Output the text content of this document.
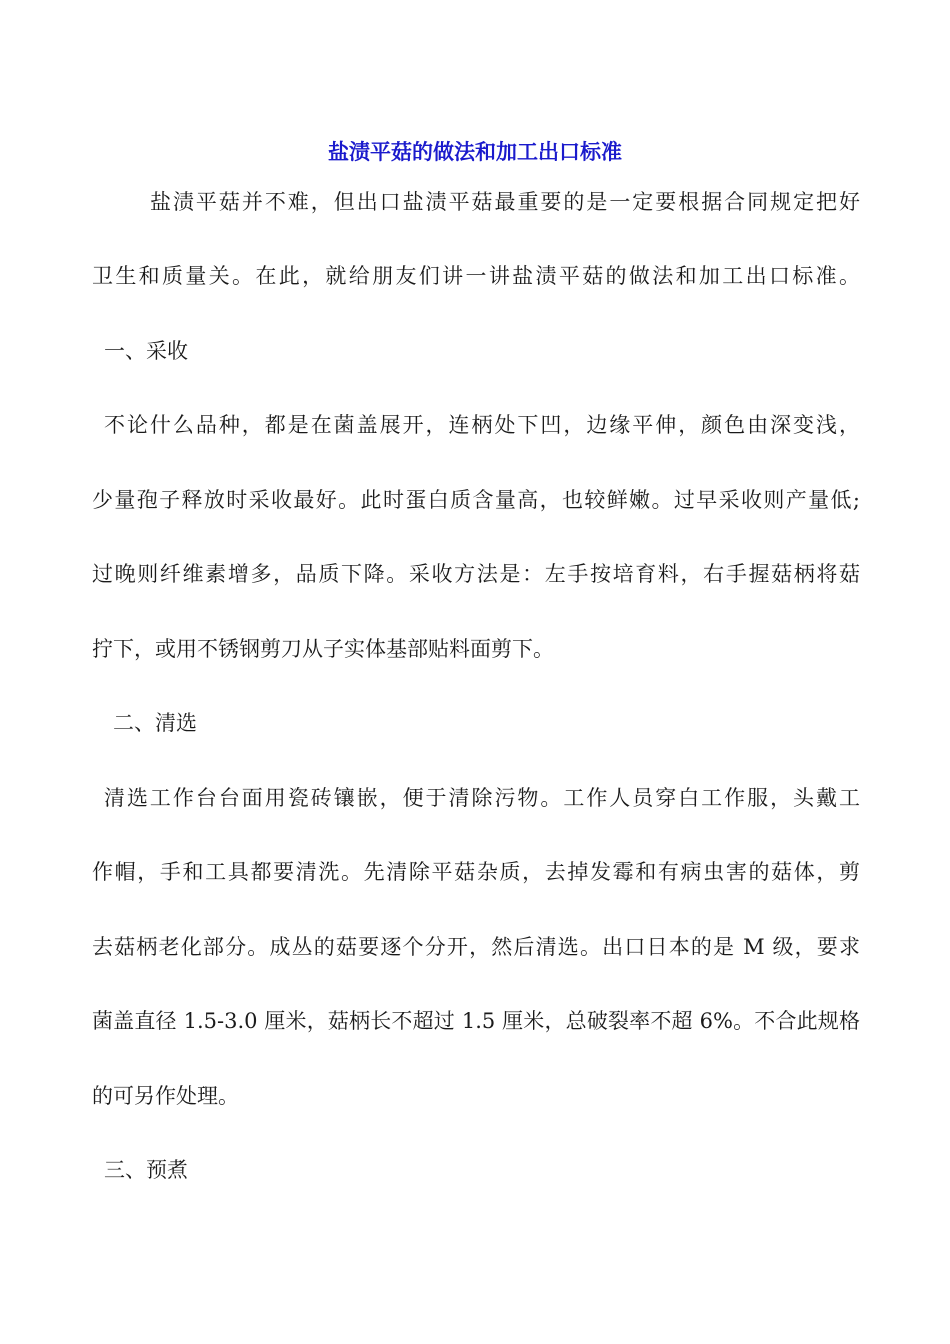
盐渍平菇的做法和加工出口标准
盐渍平菇并不难，但出口盐渍平菇最重要的是一定要根据合同规定把好
卫生和质量关。在此，就给朋友们讲一讲盐渍平菇的做法和加工出口标准。
一、采收
不论什么品种，都是在菌盖展开，连柄处下凹，边缘平伸，颜色由深变浅，
少量孢子释放时采收最好。此时蛋白质含量高，也较鲜嫩。过早采收则产量低;
过晚则纤维素增多，品质下降。采收方法是：左手按培育料，右手握菇柄将菇
拧下，或用不锈钢剪刀从子实体基部贴料面剪下。
二、清选
清选工作台台面用瓷砖镶嵌，便于清除污物。工作人员穿白工作服，头戴工
作帽，手和工具都要清洗。先清除平菇杂质，去掉发霉和有病虫害的菇体，剪
去菇柄老化部分。成丛的菇要逐个分开，然后清选。出口日本的是 M 级，要求
菌盖直径 1.5-3.0 厘米，菇柄长不超过 1.5 厘米，总破裂率不超 6%。不合此规格
的可另作处理。
三、预煮
